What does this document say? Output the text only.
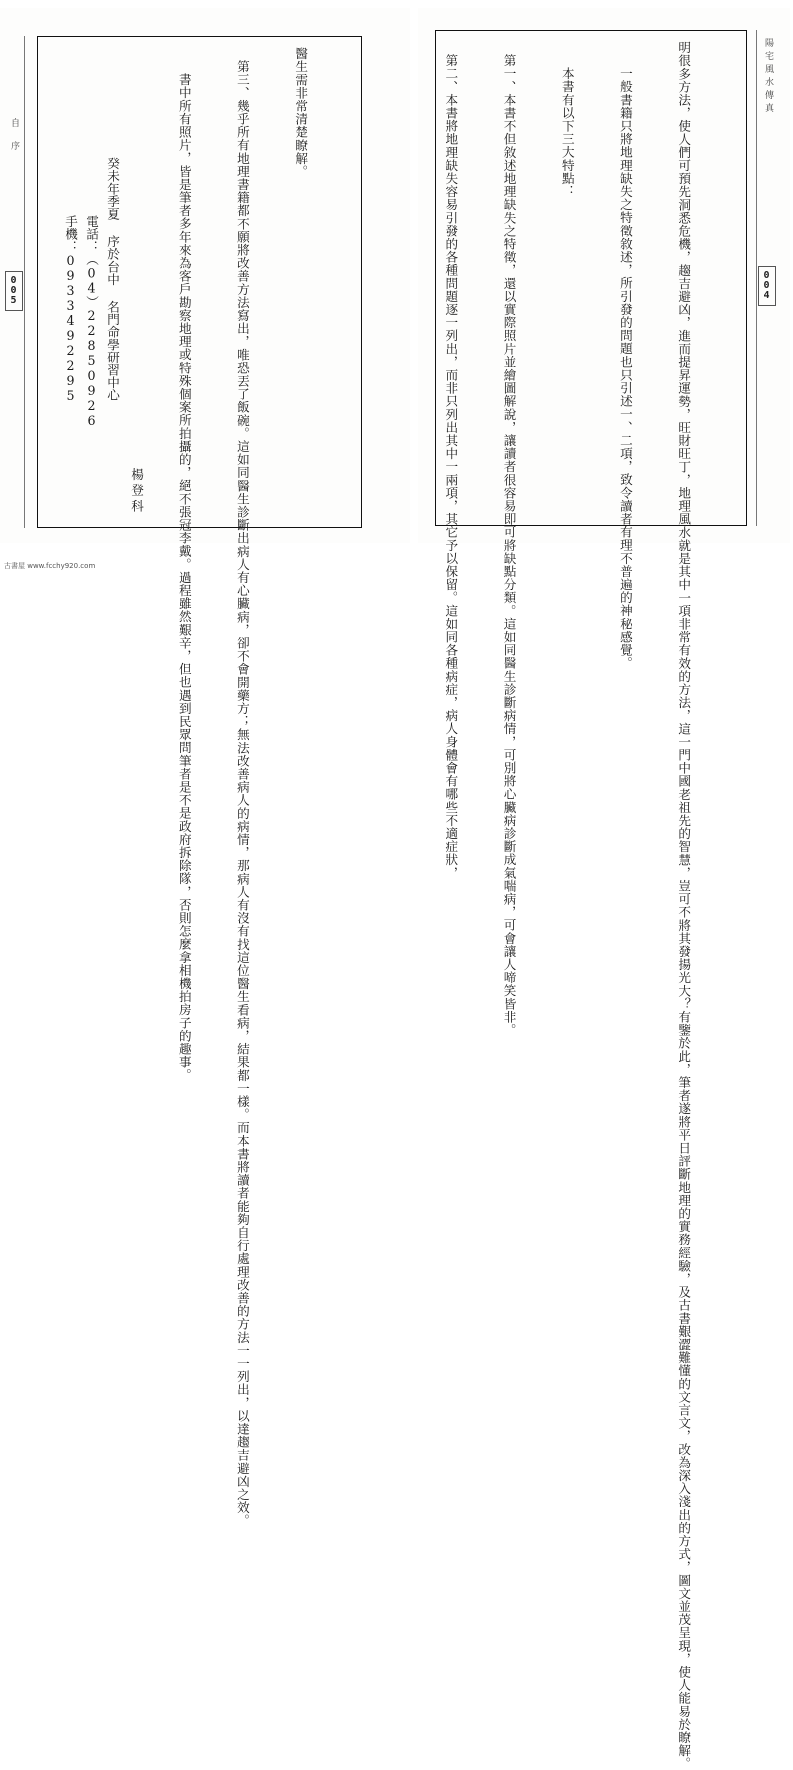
陽宅風水傳真
004

明很多方法，使人們可預先洞悉危機，趨吉避凶，進而提昇運勢，旺財旺丁，地理風水就是其中一項非常有效的方法，這一門中國老祖先的智慧，豈可不將其發揚光大？有鑒於此，筆者遂將平日評斷地理的實務經驗，及古書艱澀難懂的文言文，改為深入淺出的方式，圖文並茂呈現，使人能易於瞭解。

一般書籍只將地理缺失之特徵敘述，所引發的問題也只引述一、二項，致令讀者有理不普遍的神秘感覺。

本書有以下三大特點：

第一、本書不但敘述地理缺失之特徵，還以實際照片並繪圖解說，讓讀者很容易即可將缺點分類。這如同醫生診斷病情，可別將心臟病診斷成氣喘病，可會讓人啼笑皆非。

第二、本書將地理缺失容易引發的各種問題逐一列出，而非只列出其中一兩項，其它予以保留。這如同各種病症，病人身體會有哪些不適症狀，

自序
005

醫生需非常清楚瞭解。

第三、幾乎所有地理書籍都不願將改善方法寫出，唯恐丟了飯碗。這如同醫生診斷出病人有心臟病，卻不會開藥方；無法改善病人的病情，那病人有沒有找這位醫生看病，結果都一樣。而本書將讀者能夠自行處理改善的方法一一列出，以達趨吉避凶之效。

書中所有照片，皆是筆者多年來為客戶勘察地理或特殊個案所拍攝的，絕不張冠李戴。過程雖然艱辛，但也遇到民眾問筆者是不是政府拆除隊，否則怎麼拿相機拍房子的趣事。

楊登科
癸未年季夏 序於台中 名門命學研習中心
電話：（04）22850926
手機：0933492295
古書屋 www.fcchy920.com
